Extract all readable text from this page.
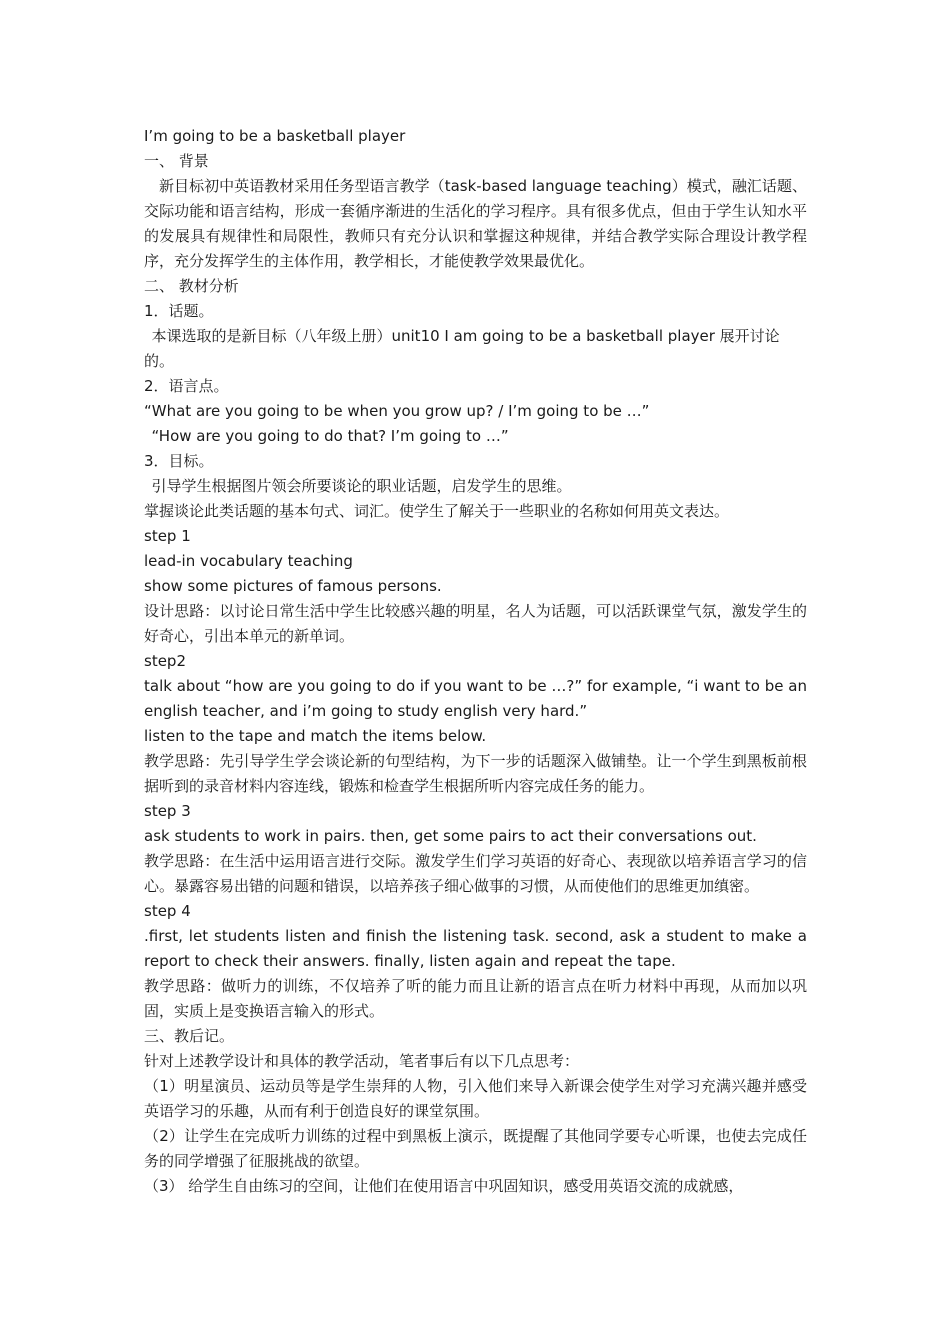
I’m going to be a basketball player

一、 背景

新目标初中英语教材采用任务型语言教学（task-based language teaching）模式，融汇话题、交际功能和语言结构，形成一套循序渐进的生活化的学习程序。具有很多优点，但由于学生认知水平的发展具有规律性和局限性，教师只有充分认识和掌握这种规律，并结合教学实际合理设计教学程序，充分发挥学生的主体作用，教学相长，才能使教学效果最优化。

二、 教材分析

1．话题。

本课选取的是新目标（八年级上册）unit10 I am going to be a basketball player 展开讨论的。

2．语言点。

“What are you going to be when you grow up? / I’m going to be …”

“How are you going to do that? I’m going to …”

3．目标。

引导学生根据图片领会所要谈论的职业话题，启发学生的思维。

掌握谈论此类话题的基本句式、词汇。使学生了解关于一些职业的名称如何用英文表达。

step 1

lead-in vocabulary teaching

show some pictures of famous persons.

设计思路：以讨论日常生活中学生比较感兴趣的明星，名人为话题，可以活跃课堂气氛，激发学生的好奇心，引出本单元的新单词。

step2

talk about “how are you going to do if you want to be …?” for example, “i want to be an english teacher, and i’m going to study english very hard.”

listen to the tape and match the items below.

教学思路：先引导学生学会谈论新的句型结构，为下一步的话题深入做铺垫。让一个学生到黑板前根据听到的录音材料内容连线，锻炼和检查学生根据所听内容完成任务的能力。

step 3

ask students to work in pairs. then, get some pairs to act their conversations out.

教学思路：在生活中运用语言进行交际。激发学生们学习英语的好奇心、表现欲以培养语言学习的信心。暴露容易出错的问题和错误，以培养孩子细心做事的习惯，从而使他们的思维更加缜密。

step 4

.first, let students listen and finish the listening task. second, ask a student to make a report to check their answers. finally, listen again and repeat the tape.

教学思路：做听力的训练，不仅培养了听的能力而且让新的语言点在听力材料中再现，从而加以巩固，实质上是变换语言输入的形式。

三、教后记。

针对上述教学设计和具体的教学活动，笔者事后有以下几点思考：

（1）明星演员、运动员等是学生崇拜的人物，引入他们来导入新课会使学生对学习充满兴趣并感受英语学习的乐趣，从而有利于创造良好的课堂氛围。

（2）让学生在完成听力训练的过程中到黑板上演示，既提醒了其他同学要专心听课，也使去完成任务的同学增强了征服挑战的欲望。

（3） 给学生自由练习的空间，让他们在使用语言中巩固知识，感受用英语交流的成就感，
